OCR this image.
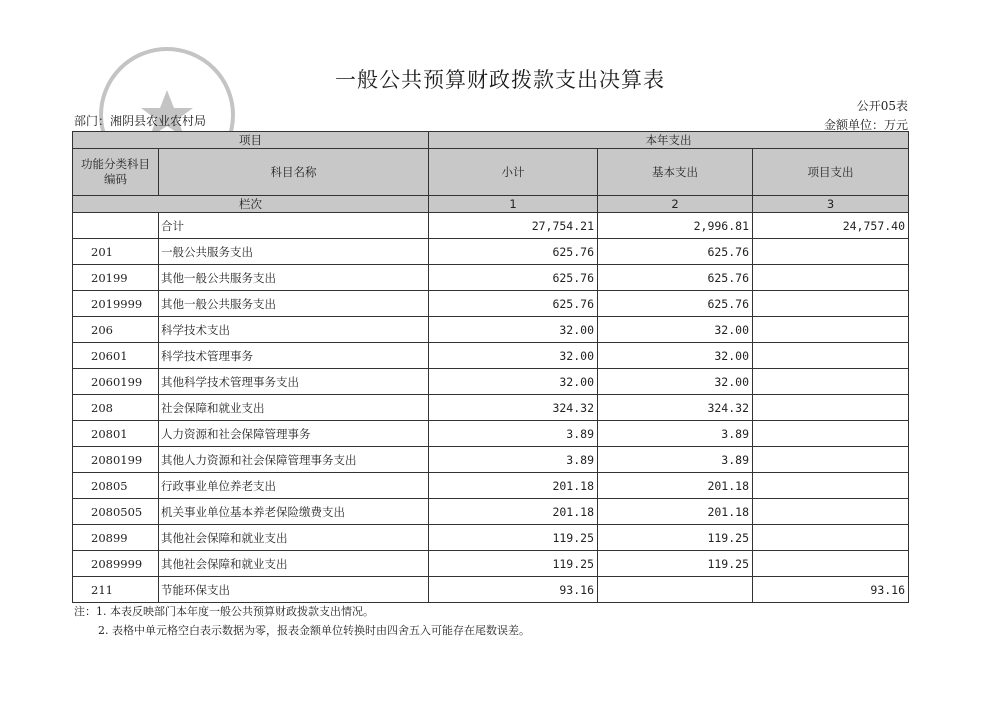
一般公共预算财政拨款支出决算表
公开05表
部门：湘阴县农业农村局	金额单位：万元
项目		本年支出		
功能分类科目编码	科目名称	小计	基本支出	项目支出
栏次		1	2	3
	合计	27,754.21	2,996.81	24,757.40
201	一般公共服务支出	625.76	625.76	
20199	其他一般公共服务支出	625.76	625.76	
2019999	其他一般公共服务支出	625.76	625.76	
206	科学技术支出	32.00	32.00	
20601	科学技术管理事务	32.00	32.00	
2060199	其他科学技术管理事务支出	32.00	32.00	
208	社会保障和就业支出	324.32	324.32	
20801	人力资源和社会保障管理事务	3.89	3.89	
2080199	其他人力资源和社会保障管理事务支出	3.89	3.89	
20805	行政事业单位养老支出	201.18	201.18	
2080505	机关事业单位基本养老保险缴费支出	201.18	201.18	
20899	其他社会保障和就业支出	119.25	119.25	
2089999	其他社会保障和就业支出	119.25	119.25	
211	节能环保支出	93.16		93.16
注：1. 本表反映部门本年度一般公共预算财政拨款支出情况。
2. 表格中单元格空白表示数据为零，报表金额单位转换时由四舍五入可能存在尾数误差。
